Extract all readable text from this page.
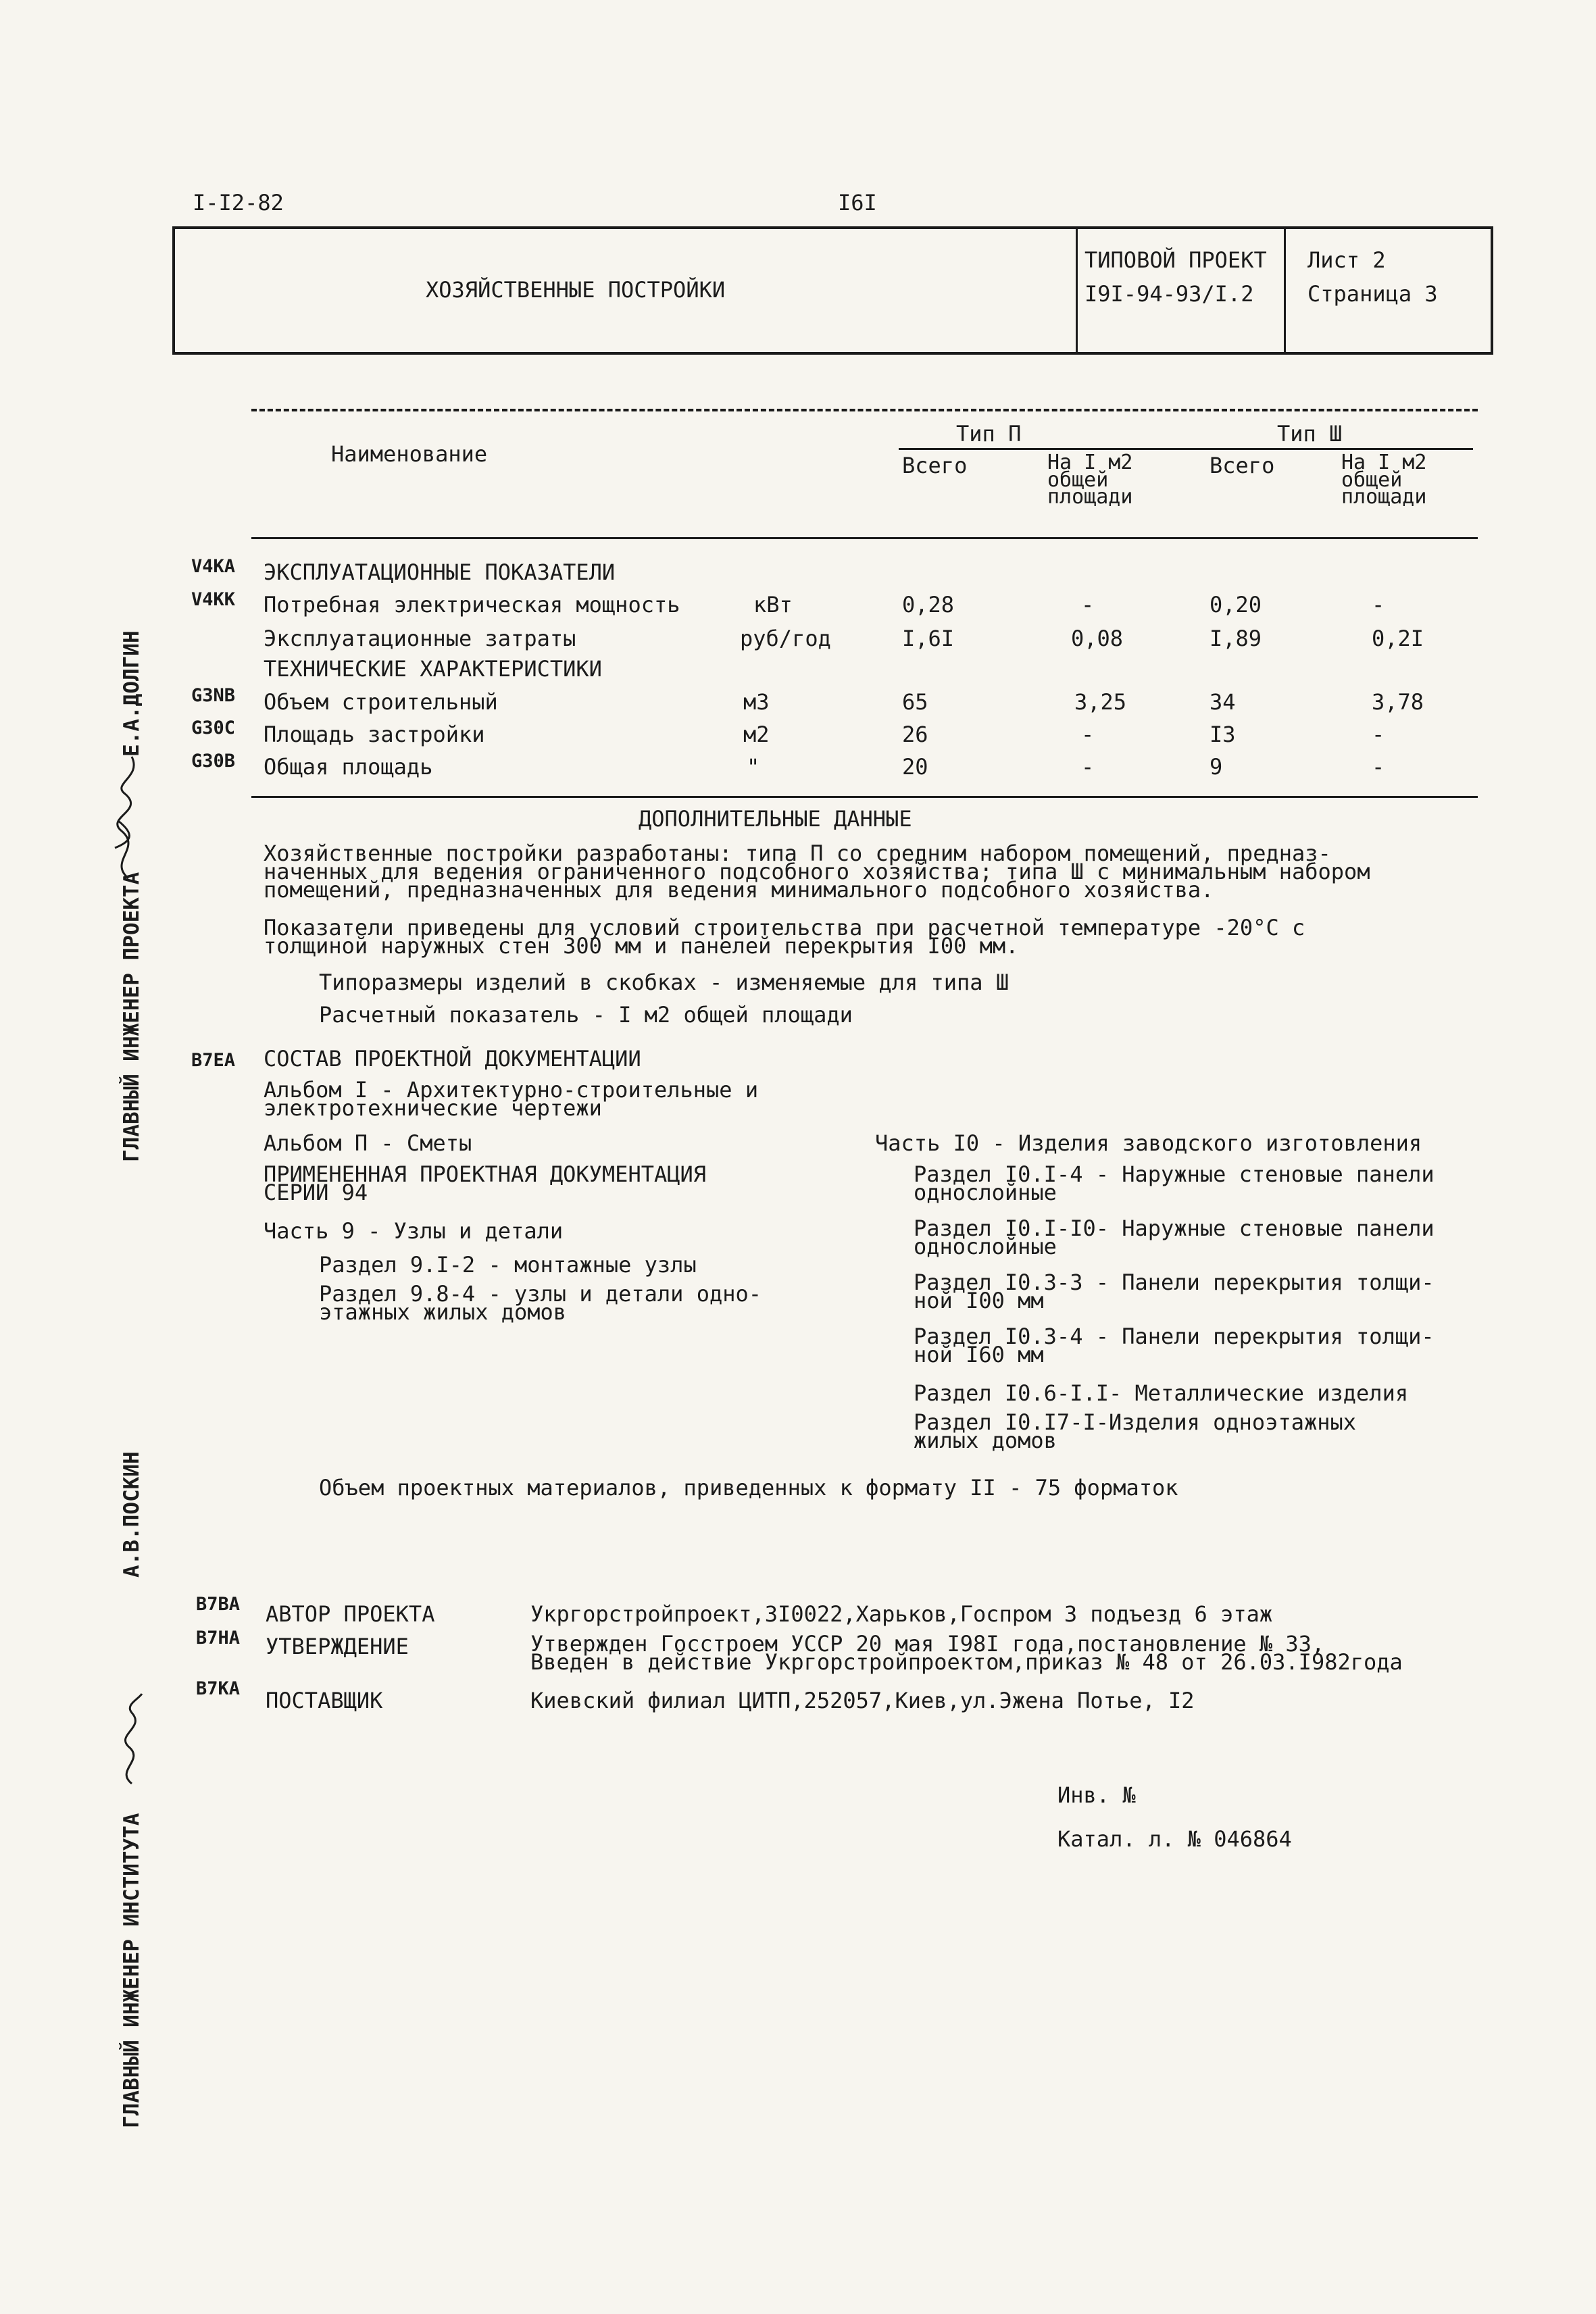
I-I2-82	I6I
ХОЗЯЙСТВЕННЫЕ ПОСТРОЙКИ
ТИПОВОЙ ПРОЕКТ
I9I-94-93/I.2
Лист 2
Страница 3
Наименование
Тип П	Тип Ш
Всего	На I м2
общей
площади
Всего	На I м2
общей
площади
V4KA ЭКСПЛУАТАЦИОННЫЕ ПОКАЗАТЕЛИ
V4KK Потребная электрическая мощность	кВт	0,28	-	0,20	-
Эксплуатационные затраты	руб/год	I,6I	0,08	I,89	0,2I
ТЕХНИЧЕСКИЕ ХАРАКТЕРИСТИКИ
G3NB Объем строительный	м3	65	3,25	34	3,78
G30C Площадь застройки	м2	26	-	I3	-
G30B Общая площадь	"	20	-	9	-
ДОПОЛНИТЕЛЬНЫЕ ДАННЫЕ
Хозяйственные постройки разработаны: типа П со средним набором помещений, предназ-
наченных для ведения ограниченного подсобного хозяйства; типа Ш с минимальным набором
помещений, предназначенных для ведения минимального подсобного хозяйства.
Показатели приведены для условий строительства при расчетной температуре -20°С с
толщиной наружных стен 300 мм и панелей перекрытия I00 мм.
Типоразмеры изделий в скобках - изменяемые для типа Ш
Расчетный показатель - I м2 общей площади
B7EA СОСТАВ ПРОЕКТНОЙ ДОКУМЕНТАЦИИ
Альбом I - Архитектурно-строительные и
электротехнические чертежи
Альбом П - Сметы
ПРИМЕНЕННАЯ ПРОЕКТНАЯ ДОКУМЕНТАЦИЯ
СЕРИИ 94
Часть 9 - Узлы и детали
Раздел 9.I-2 - монтажные узлы
Раздел 9.8-4 - узлы и детали одно-
этажных жилых домов
Часть I0 - Изделия заводского изготовления
Раздел I0.I-4 - Наружные стеновые панели
однослойные
Раздел I0.I-I0- Наружные стеновые панели
однослойные
Раздел I0.3-3 - Панели перекрытия толщи-
ной I00 мм
Раздел I0.3-4 - Панели перекрытия толщи-
ной I60 мм
Раздел I0.6-I.I- Металлические изделия
Раздел I0.I7-I-Изделия одноэтажных
жилых домов
Объем проектных материалов, приведенных к формату II - 75 форматок
B7BA АВТОР ПРОЕКТА	Укргорстройпроект,3I0022,Харьков,Госпром 3 подъезд 6 этаж
B7HA УТВЕРЖДЕНИЕ	Утвержден Госстроем УССР 20 мая I98I года,постановление № 33,
Введен в действие Укргорстройпроектом,приказ № 48 от 26.03.I982года
B7KA ПОСТАВЩИК	Киевский филиал ЦИТП,252057,Киев,ул.Эжена Потье, I2
Инв. №
Катал. л. № 046864
ГЛАВНЫЙ ИНЖЕНЕР ПРОЕКТА
Е.А.ДОЛГИН
А.В.ПОСКИН
ГЛАВНЫЙ ИНЖЕНЕР ИНСТИТУТА
